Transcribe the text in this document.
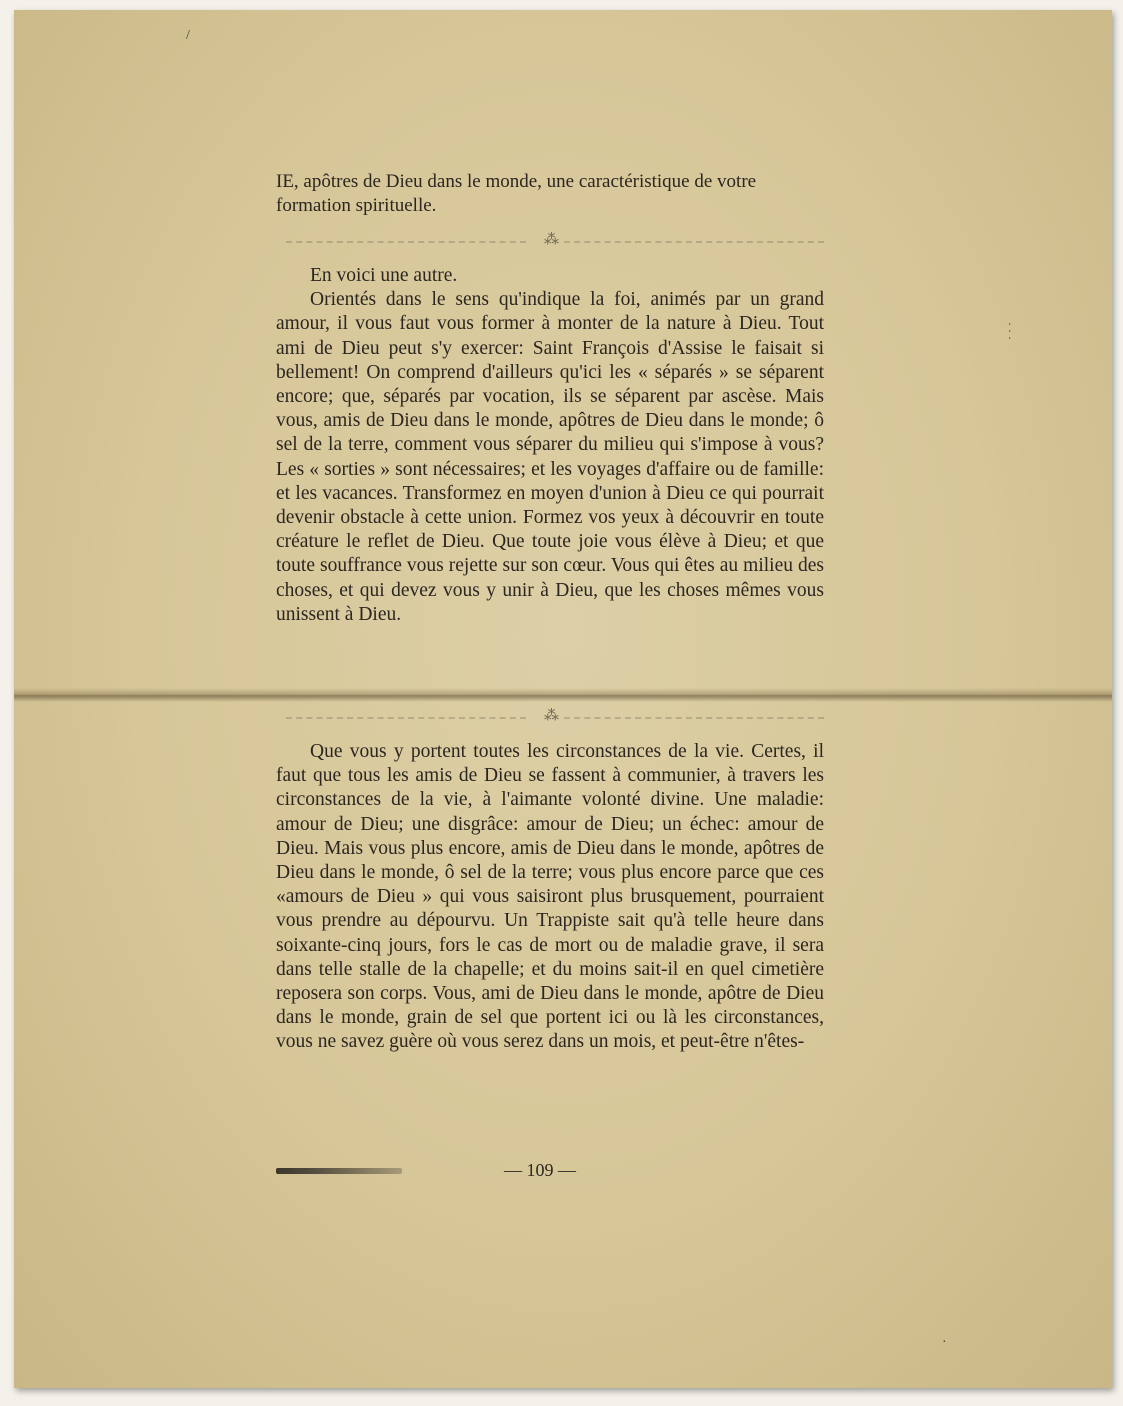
/
· · ·
·

IE, apôtres de Dieu dans le monde, une caractéristique de votre formation spirituelle.

⁂

En voici une autre.

Orientés dans le sens qu'indique la foi, animés par un grand amour, il vous faut vous former à monter de la nature à Dieu. Tout ami de Dieu peut s'y exercer: Saint François d'Assise le faisait si bellement! On comprend d'ailleurs qu'ici les « séparés » se séparent encore; que, séparés par vocation, ils se séparent par ascèse. Mais vous, amis de Dieu dans le monde, apôtres de Dieu dans le monde; ô sel de la terre, comment vous séparer du milieu qui s'impose à vous? Les « sorties » sont nécessaires; et les voyages d'affaire ou de famille: et les vacances. Transformez en moyen d'union à Dieu ce qui pourrait devenir obstacle à cette union. Formez vos yeux à découvrir en toute créature le reflet de Dieu. Que toute joie vous élève à Dieu; et que toute souffrance vous rejette sur son cœur. Vous qui êtes au milieu des choses, et qui devez vous y unir à Dieu, que les choses mêmes vous unissent à Dieu.

⁂

Que vous y portent toutes les circonstances de la vie. Certes, il faut que tous les amis de Dieu se fassent à communier, à travers les circonstances de la vie, à l'aimante volonté divine. Une maladie: amour de Dieu; une disgrâce: amour de Dieu; un échec: amour de Dieu. Mais vous plus encore, amis de Dieu dans le monde, apôtres de Dieu dans le monde, ô sel de la terre; vous plus encore parce que ces «amours de Dieu » qui vous saisiront plus brusquement, pourraient vous prendre au dépourvu. Un Trappiste sait qu'à telle heure dans soixante-cinq jours, fors le cas de mort ou de maladie grave, il sera dans telle stalle de la chapelle; et du moins sait-il en quel cimetière reposera son corps. Vous, ami de Dieu dans le monde, apôtre de Dieu dans le monde, grain de sel que portent ici ou là les circonstances, vous ne savez guère où vous serez dans un mois, et peut-être n'êtes-

— 109 —
